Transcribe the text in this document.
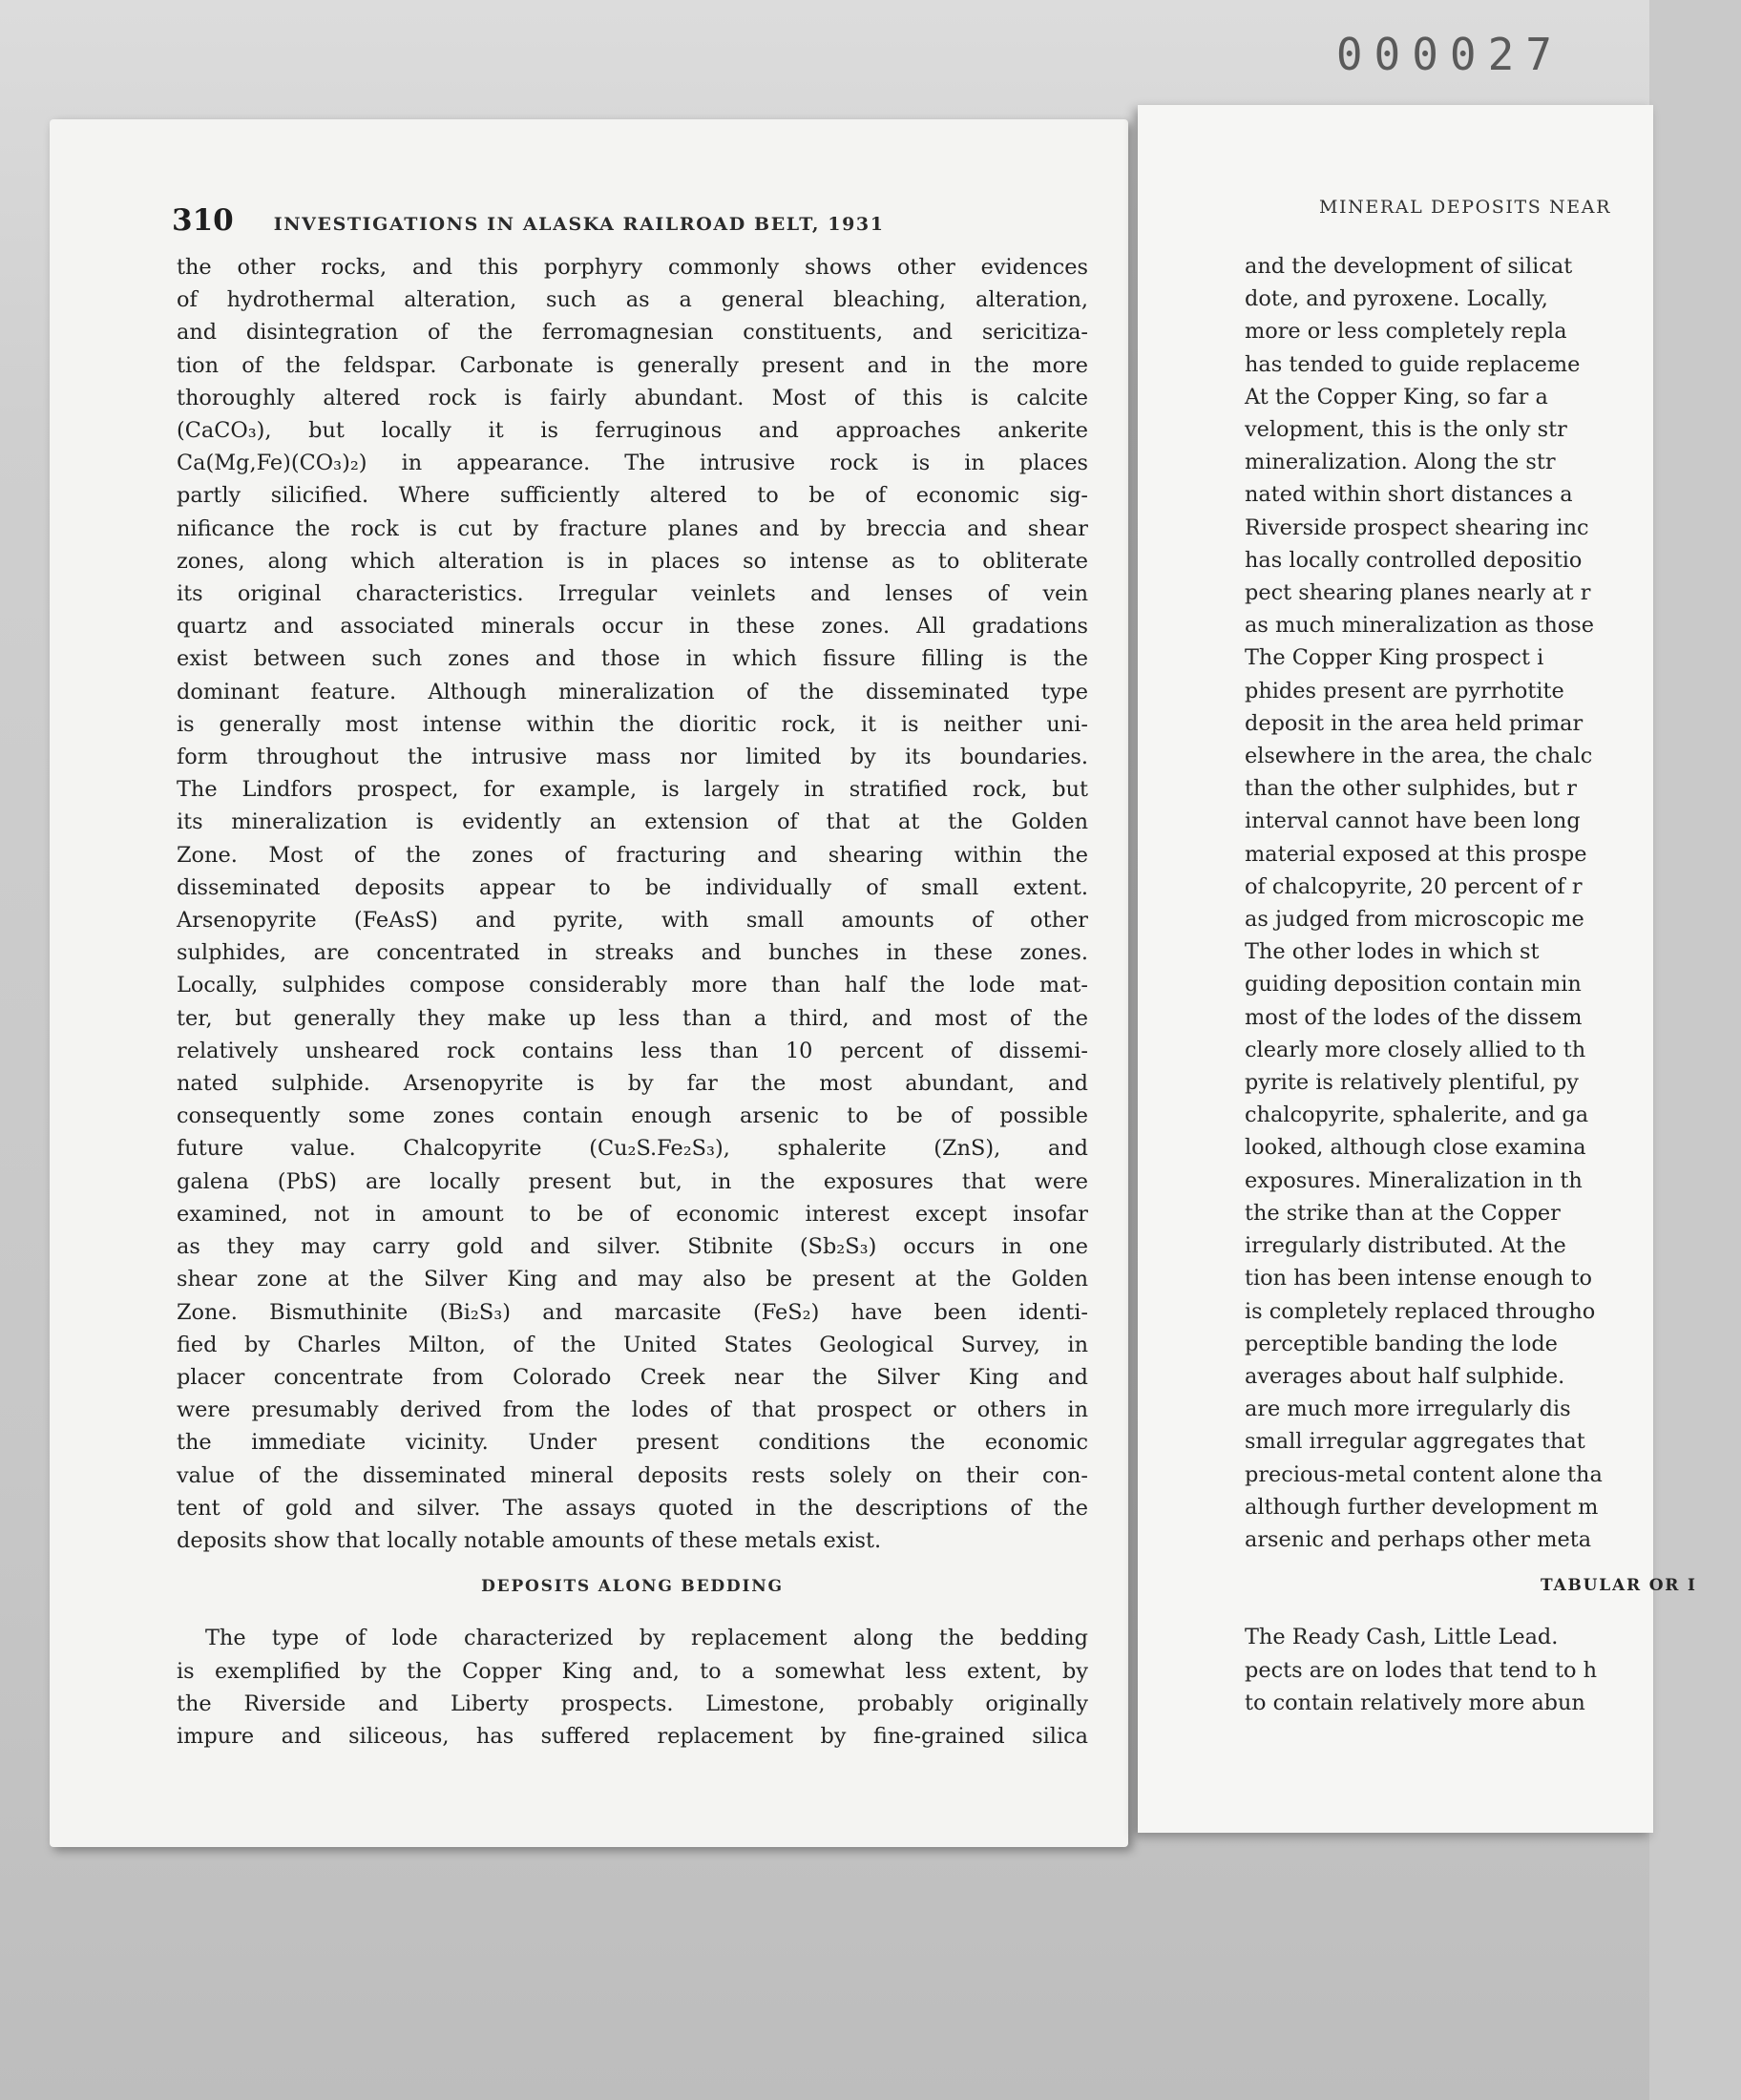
000027
310 INVESTIGATIONS IN ALASKA RAILROAD BELT, 1931
the other rocks, and this porphyry commonly shows other evidences
of hydrothermal alteration, such as a general bleaching, alteration,
and disintegration of the ferromagnesian constituents, and sericitiza-
tion of the feldspar. Carbonate is generally present and in the more
thoroughly altered rock is fairly abundant. Most of this is calcite
(CaCO₃), but locally it is ferruginous and approaches ankerite
Ca(Mg,Fe)(CO₃)₂) in appearance. The intrusive rock is in places
partly silicified. Where sufficiently altered to be of economic sig-
nificance the rock is cut by fracture planes and by breccia and shear
zones, along which alteration is in places so intense as to obliterate
its original characteristics. Irregular veinlets and lenses of vein
quartz and associated minerals occur in these zones. All gradations
exist between such zones and those in which fissure filling is the
dominant feature. Although mineralization of the disseminated type
is generally most intense within the dioritic rock, it is neither uni-
form throughout the intrusive mass nor limited by its boundaries.
The Lindfors prospect, for example, is largely in stratified rock, but
its mineralization is evidently an extension of that at the Golden
Zone. Most of the zones of fracturing and shearing within the
disseminated deposits appear to be individually of small extent.
Arsenopyrite (FeAsS) and pyrite, with small amounts of other
sulphides, are concentrated in streaks and bunches in these zones.
Locally, sulphides compose considerably more than half the lode mat-
ter, but generally they make up less than a third, and most of the
relatively unsheared rock contains less than 10 percent of dissemi-
nated sulphide. Arsenopyrite is by far the most abundant, and
consequently some zones contain enough arsenic to be of possible
future value. Chalcopyrite (Cu₂S.Fe₂S₃), sphalerite (ZnS), and
galena (PbS) are locally present but, in the exposures that were
examined, not in amount to be of economic interest except insofar
as they may carry gold and silver. Stibnite (Sb₂S₃) occurs in one
shear zone at the Silver King and may also be present at the Golden
Zone. Bismuthinite (Bi₂S₃) and marcasite (FeS₂) have been identi-
fied by Charles Milton, of the United States Geological Survey, in
placer concentrate from Colorado Creek near the Silver King and
were presumably derived from the lodes of that prospect or others in
the immediate vicinity. Under present conditions the economic
value of the disseminated mineral deposits rests solely on their con-
tent of gold and silver. The assays quoted in the descriptions of the
deposits show that locally notable amounts of these metals exist.
DEPOSITS ALONG BEDDING
The type of lode characterized by replacement along the bedding
is exemplified by the Copper King and, to a somewhat less extent, by
the Riverside and Liberty prospects. Limestone, probably originally
impure and siliceous, has suffered replacement by fine-grained silica
MINERAL DEPOSITS NEAR
and the development of silicat
dote, and pyroxene. Locally,
more or less completely repla
has tended to guide replaceme
At the Copper King, so far a
velopment, this is the only str
mineralization. Along the str
nated within short distances a
Riverside prospect shearing inc
has locally controlled depositio
pect shearing planes nearly at r
as much mineralization as those
The Copper King prospect i
phides present are pyrrhotite
deposit in the area held primar
elsewhere in the area, the chalc
than the other sulphides, but r
interval cannot have been long
material exposed at this prospe
of chalcopyrite, 20 percent of r
as judged from microscopic me
The other lodes in which st
guiding deposition contain min
most of the lodes of the dissem
clearly more closely allied to th
pyrite is relatively plentiful, py
chalcopyrite, sphalerite, and ga
looked, although close examina
exposures. Mineralization in th
the strike than at the Copper
irregularly distributed. At the
tion has been intense enough to
is completely replaced througho
perceptible banding the lode
averages about half sulphide.
are much more irregularly dis
small irregular aggregates that
precious-metal content alone tha
although further development m
arsenic and perhaps other meta
TABULAR OR I
The Ready Cash, Little Lead.
pects are on lodes that tend to h
to contain relatively more abun
